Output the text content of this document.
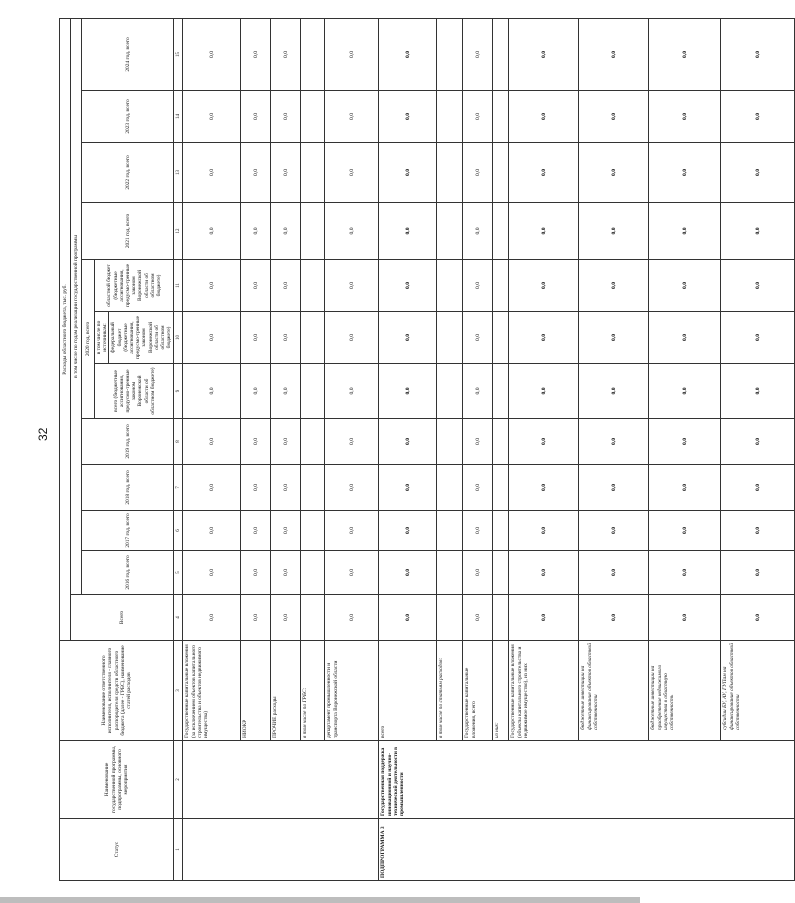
32
Статус	Наименование государственной программы, подпрограммы, основного мероприятия	Наименование ответственного исполнителя, исполнителя - главного распорядителя средств областного бюджета (далее - ГРБС), наименование статей расходов	Расходы областного бюджета, тыс. руб.											
			Всего	в том числе по годам реализации государственной программы										
				2016 год, всего	2017 год, всего	2018 год, всего	2019 год, всего	2020 год, всего			2021 год, всего	2022 год, всего	2023 год, всего	2024 год, всего
								всего (бюджетные ассигнования, предусмо-тренные законом Воронежской области об областном бюджете)	в том числе по источникам: федеральный бюджет (бюджетные ассигнования, предусмо-тренные законом Воронежской области об областном бюджете)	областной бюджет (бюджетные ассигнования, предусмо-тренные законом Воронежской области об областном бюджете)				
1	2	3	4	5	6	7	8	9	10	11	12	13	14	15
		Государственные капитальные вложения (за исключением объектов капитального строительства и объектов недвижимого имущества)	0,0	0,0	0,0	0,0	0,0	0,0	0,0	0,0	0,0	0,0	0,0	0,0
		НИОКР	0,0	0,0	0,0	0,0	0,0	0,0	0,0	0,0	0,0	0,0	0,0	0,0
		ПРОЧИЕ расходы	0,0	0,0	0,0	0,0	0,0	0,0	0,0	0,0	0,0	0,0	0,0	0,0
		в том числе по ГРБС:												
		департамент промышленности и транспорта Воронежской области	0,0	0,0	0,0	0,0	0,0	0,0	0,0	0,0	0,0	0,0	0,0	0,0
ПОДПРОГРАММА 3	Государственная поддержка инновационной и научно-технической деятельности в промышленности	всего	0,0	0,0	0,0	0,0	0,0	0,0	0,0	0,0	0,0	0,0	0,0	0,0
		в том числе по статьям расходов:												
		Государственные капитальные вложения, всего	0,0	0,0	0,0	0,0	0,0	0,0	0,0	0,0	0,0	0,0	0,0	0,0
		из них:												
		Государственные капитальные вложения (объекты капитального строительства и недвижимое имущество), из них	0,0	0,0	0,0	0,0	0,0	0,0	0,0	0,0	0,0	0,0	0,0	0,0
		бюджетные инвестиции на финансирование объектов областной собственности	0,0	0,0	0,0	0,0	0,0	0,0	0,0	0,0	0,0	0,0	0,0	0,0
		бюджетные инвестиции на приобретение недвижимого имущества в областную собственность	0,0	0,0	0,0	0,0	0,0	0,0	0,0	0,0	0,0	0,0	0,0	0,0
		субсидии БУ, АУ, ГУПам на финансирование объектов областной собственности	0,0	0,0	0,0	0,0	0,0	0,0	0,0	0,0	0,0	0,0	0,0	0,0
